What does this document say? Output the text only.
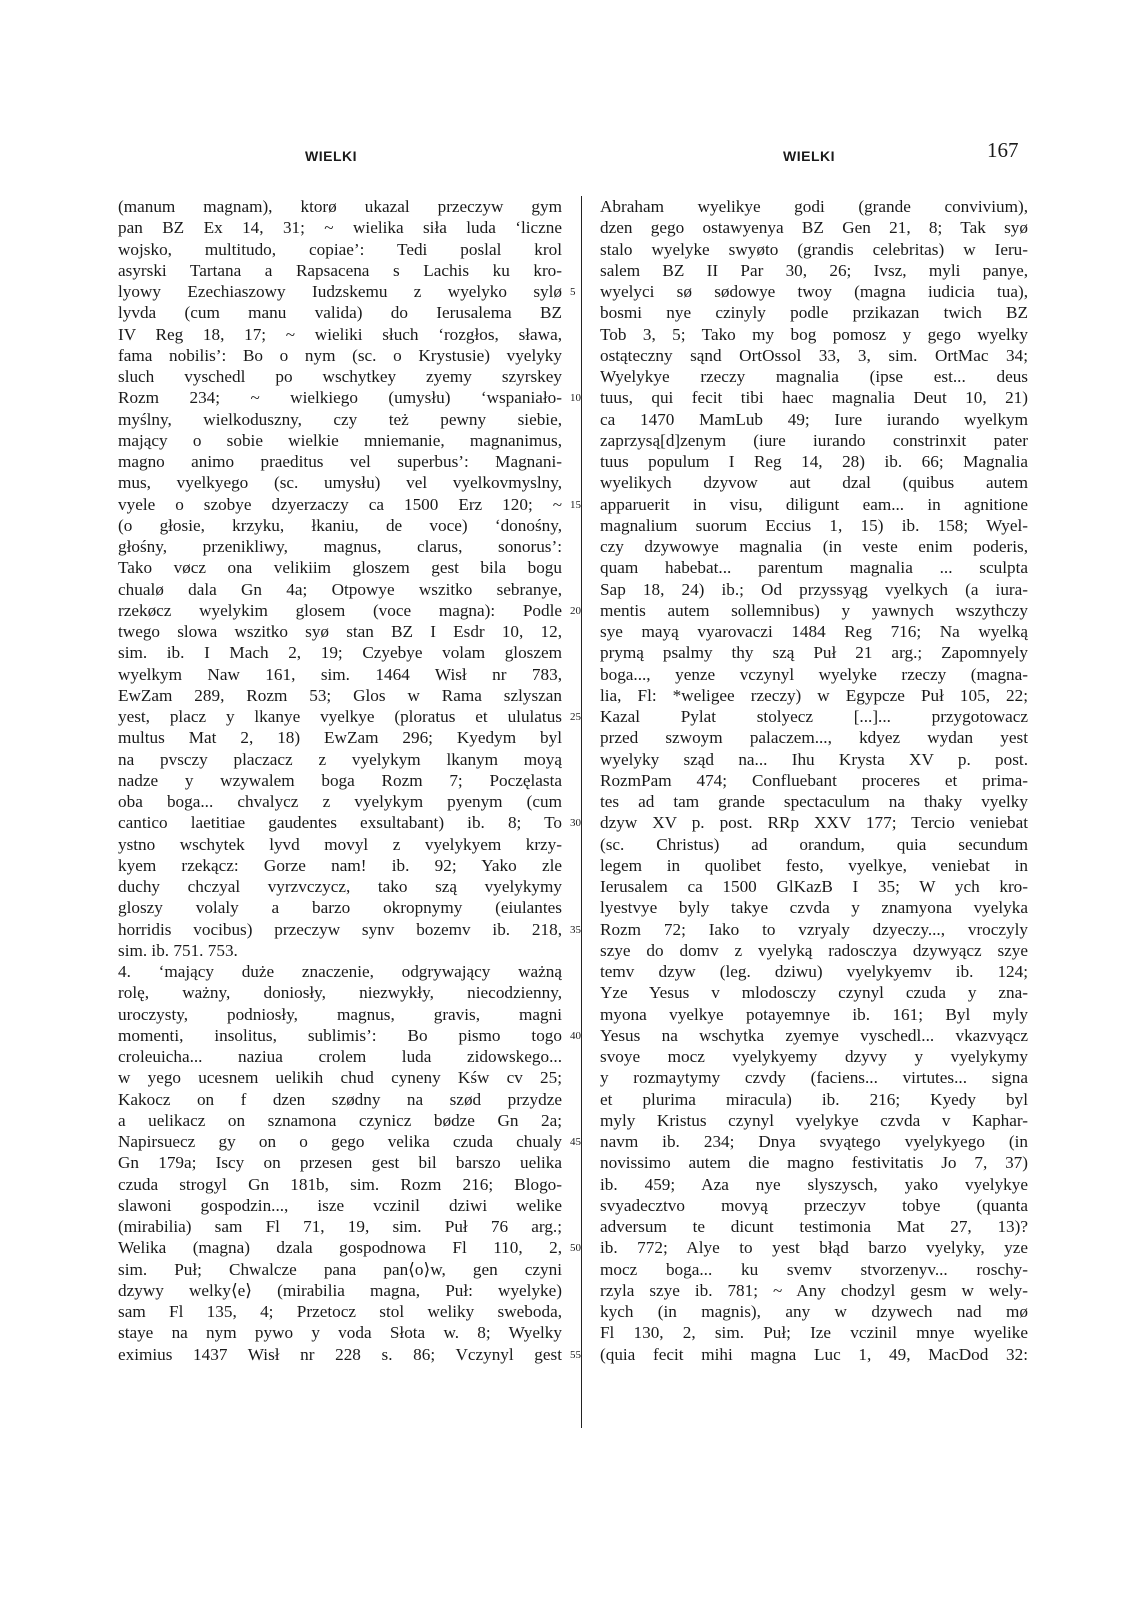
WIELKI	WIELKI	167
(manum magnam), ktorø ukazal przeczyw gym
pan BZ Ex 14, 31; ~ wielika siła luda ‘liczne
wojsko, multitudo, copiae’: Tedi poslal krol
asyrski Tartana a Rapsacena s Lachis ku kro-
lyowy Ezechiaszowy Iudzskemu z wyelyko sylø
lyvda (cum manu valida) do Ierusalema BZ
IV Reg 18, 17; ~ wieliki słuch ‘rozgłos, sława,
fama nobilis’: Bo o nym (sc. o Krystusie) vyelyky
sluch vyschedl po wschytkey zyemy szyrskey
Rozm 234; ~ wielkiego (umysłu) ‘wspaniało-
myślny, wielkoduszny, czy też pewny siebie,
mający o sobie wielkie mniemanie, magnanimus,
magno animo praeditus vel superbus’: Magnani-
mus, vyelkyego (sc. umysłu) vel vyelkovmyslny,
vyele o szobye dzyerzaczy ca 1500 Erz 120; ~
(o głosie, krzyku, łkaniu, de voce) ‘donośny,
głośny, przenikliwy, magnus, clarus, sonorus’:
Tako vøcz ona velikiim gloszem gest bila bogu
chualø dala Gn 4a; Otpowye wszitko sebranye,
rzekøcz wyelykim glosem (voce magna): Podle
twego slowa wszitko syø stan BZ I Esdr 10, 12,
sim. ib. I Mach 2, 19; Czyebye volam gloszem
wyelkym Naw 161, sim. 1464 Wisł nr 783,
EwZam 289, Rozm 53; Glos w Rama szlyszan
yest, placz y lkanye vyelkye (ploratus et ululatus
multus Mat 2, 18) EwZam 296; Kyedym byl
na pvsczy placzacz z vyelykym lkanym moyą
nadze y wzywalem boga Rozm 7; Poczęlasta
oba boga... chvalycz z vyelykym pyenym (cum
cantico laetitiae gaudentes exsultabant) ib. 8; To
ystno wschytek lyvd movyl z vyelykyem krzy-
kyem rzekącz: Gorze nam! ib. 92; Yako zle
duchy chczyal vyrzvczycz, tako szą vyelykymy
gloszy volaly a barzo okropnymy (eiulantes
horridis vocibus) przeczyw synv bozemv ib. 218,
sim. ib. 751. 753.
4. ‘mający duże znaczenie, odgrywający ważną
rolę, ważny, doniosły, niezwykły, niecodzienny,
uroczysty, podniosły, magnus, gravis, magni
momenti, insolitus, sublimis’: Bo pismo togo
croleuicha... naziua crolem luda zidowskego...
w yego ucesnem uelikih chud cyneny Kśw cv 25;
Kakocz on f dzen szødny na szød przydze
a uelikacz on sznamona czynicz bødze Gn 2a;
Napirsuecz gy on o gego velika czuda chualy
Gn 179a; Iscy on przesen gest bil barszo uelika
czuda strogyl Gn 181b, sim. Rozm 216; Blogo-
slawoni gospodzin..., isze vczinil dziwi welike
(mirabilia) sam Fl 71, 19, sim. Puł 76 arg.;
Welika (magna) dzala gospodnowa Fl 110, 2,
sim. Puł; Chwalcze pana pan⟨o⟩w, gen czyni
dzywy welky⟨e⟩ (mirabilia magna, Puł: wyelyke)
sam Fl 135, 4; Przetocz stol weliky sweboda,
staye na nym pywo y voda Słota w. 8; Wyelky
eximius 1437 Wisł nr 228 s. 86; Vczynyl gest
5
10
15
20
25
30
35
40
45
50
55
Abraham wyelikye godi (grande convivium),
dzen gego ostawyenya BZ Gen 21, 8; Tak syø
stalo wyelyke swyøto (grandis celebritas) w Ieru-
salem BZ II Par 30, 26; Ivsz, myli panye,
wyelyci sø sødowye twoy (magna iudicia tua),
bosmi nye czinyly podle przikazan twich BZ
Tob 3, 5; Tako my bog pomosz y gego wyelky
ostąteczny sąnd OrtOssol 33, 3, sim. OrtMac 34;
Wyelykye rzeczy magnalia (ipse est... deus
tuus, qui fecit tibi haec magnalia Deut 10, 21)
ca 1470 MamLub 49; Iure iurando wyelkym
zaprzysą[d]zenym (iure iurando constrinxit pater
tuus populum I Reg 14, 28) ib. 66; Magnalia
wyelikych dzyvow aut dzal (quibus autem
apparuerit in visu, diligunt eam... in agnitione
magnalium suorum Eccius 1, 15) ib. 158; Wyel-
czy dzywowye magnalia (in veste enim poderis,
quam habebat... parentum magnalia ... sculpta
Sap 18, 24) ib.; Od przyssyąg vyelkych (a iura-
mentis autem sollemnibus) y yawnych wszythczy
sye mayą vyarovaczi 1484 Reg 716; Na wyelką
prymą psalmy thy szą Puł 21 arg.; Zapomnyely
boga..., yenze vczynyl wyelyke rzeczy (magna-
lia, Fl: *weligee rzeczy) w Egypcze Puł 105, 22;
Kazal Pylat stolyecz [...]... przygotowacz
przed szwoym palaczem..., kdyez wydan yest
wyelyky sząd na... Ihu Krysta XV p. post.
RozmPam 474; Confluebant proceres et prima-
tes ad tam grande spectaculum na thaky vyelky
dzyw XV p. post. RRp XXV 177; Tercio veniebat
(sc. Christus) ad orandum, quia secundum
legem in quolibet festo, vyelkye, veniebat in
Ierusalem ca 1500 GlKazB I 35; W ych kro-
lyestvye byly takye czvda y znamyona vyelyka
Rozm 72; Iako to vzryaly dzyeczy..., vroczyly
szye do domv z vyelyką radosczya dzywyącz szye
temv dzyw (leg. dziwu) vyelykyemv ib. 124;
Yze Yesus v mlodosczy czynyl czuda y zna-
myona vyelkye potayemnye ib. 161; Byl myly
Yesus na wschytka zyemye vyschedl... vkazvyącz
svoye mocz vyelykyemy dzyvy y vyelykymy
y rozmaytymy czvdy (faciens... virtutes... signa
et plurima miracula) ib. 216; Kyedy byl
myly Kristus czynyl vyelykye czvda v Kaphar-
navm ib. 234; Dnya svyątego vyelykyego (in
novissimo autem die magno festivitatis Jo 7, 37)
ib. 459; Aza nye slyszysch, yako vyelykye
svyadecztvo movyą przeczyv tobye (quanta
adversum te dicunt testimonia Mat 27, 13)?
ib. 772; Alye to yest błąd barzo vyelyky, yze
mocz boga... ku svemv stvorzenyv... roschy-
rzyla szye ib. 781; ~ Any chodzyl gesm w wely-
kych (in magnis), any w dzywech nad mø
Fl 130, 2, sim. Puł; Ize vczinil mnye wyelike
(quia fecit mihi magna Luc 1, 49, MacDod 32:
